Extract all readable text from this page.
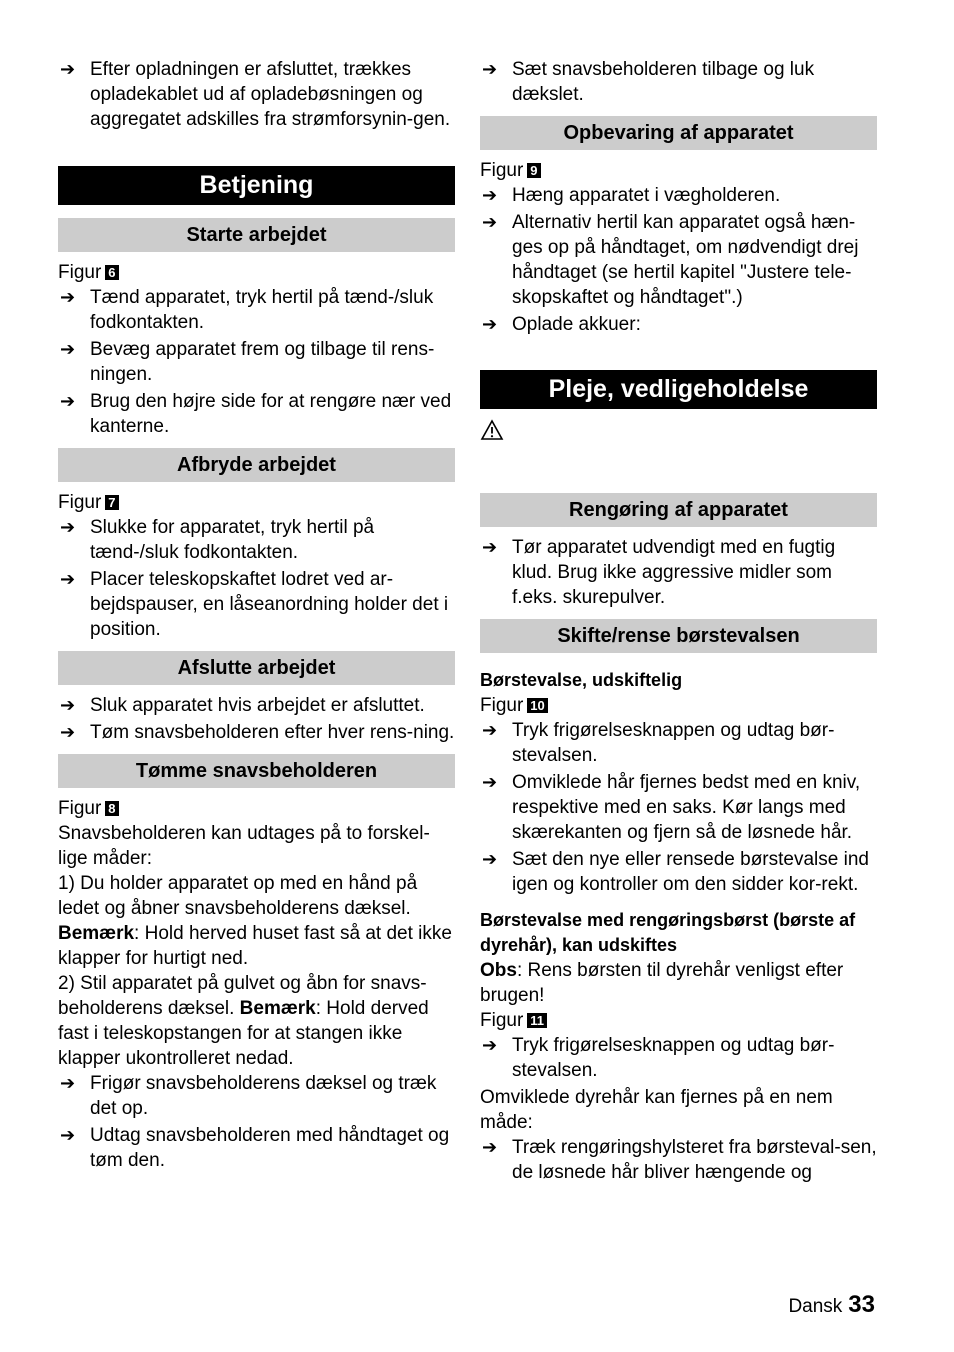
➔ Efter opladningen er afsluttet, trækkes opladekablet ud af opladebøsningen og aggregatet adskilles fra strømforsynin-gen.
Betjening
Starte arbejdet

Figur 6

➔ Tænd apparatet, tryk hertil på tænd-/sluk fodkontakten.
➔ Bevæg apparatet frem og tilbage til rens-ningen.
➔ Brug den højre side for at rengøre nær ved kanterne.
Afbryde arbejdet

Figur 7

➔ Slukke for apparatet, tryk hertil på tænd-/sluk fodkontakten.
➔ Placer teleskopskaftet lodret ved ar-bejdspauser, en låseanordning holder det i position.
Afslutte arbejdet
➔ Sluk apparatet hvis arbejdet er afsluttet.
➔ Tøm snavsbeholderen efter hver rens-ning.
Tømme snavsbeholderen

Figur 8

Snavsbeholderen kan udtages på to forskel-lige måder:

1) Du holder apparatet op med en hånd på ledet og åbner snavsbeholderens dæksel. Bemærk: Hold herved huset fast så at det ikke klapper for hurtigt ned.

2) Stil apparatet på gulvet og åbn for snavs-beholderens dæksel. Bemærk: Hold derved fast i teleskopstangen for at stangen ikke klapper ukontrolleret nedad.

➔ Frigør snavsbeholderens dæksel og træk det op.
➔ Udtag snavsbeholderen med håndtaget og tøm den.
➔ Sæt snavsbeholderen tilbage og luk dækslet.
Opbevaring af apparatet

Figur 9

➔ Hæng apparatet i vægholderen.
➔ Alternativ hertil kan apparatet også hæn-ges op på håndtaget, om nødvendigt drej håndtaget (se hertil kapitel "Justere tele-skopskaftet og håndtaget".)
➔ Oplade akkuer:
Pleje, vedligeholdelse
Rengøring af apparatet
➔ Tør apparatet udvendigt med en fugtig klud. Brug ikke aggressive midler som f.eks. skurepulver.
Skifte/rense børstevalsen

Børstevalse, udskiftelig

Figur 10

➔ Tryk frigørelsesknappen og udtag bør-stevalsen.
➔ Omviklede hår fjernes bedst med en kniv, respektive med en saks. Kør langs med skærekanten og fjern så de løsnede hår.
➔ Sæt den nye eller rensede børstevalse ind igen og kontroller om den sidder kor-rekt.

Børstevalse med rengøringsbørst (børste af dyrehår), kan udskiftes

Obs: Rens børsten til dyrehår venligst efter brugen!

Figur 11

➔ Tryk frigørelsesknappen og udtag bør-stevalsen.

Omviklede dyrehår kan fjernes på en nem måde:

➔ Træk rengøringshylsteret fra børsteval-sen, de løsnede hår bliver hængende og
Dansk 33
